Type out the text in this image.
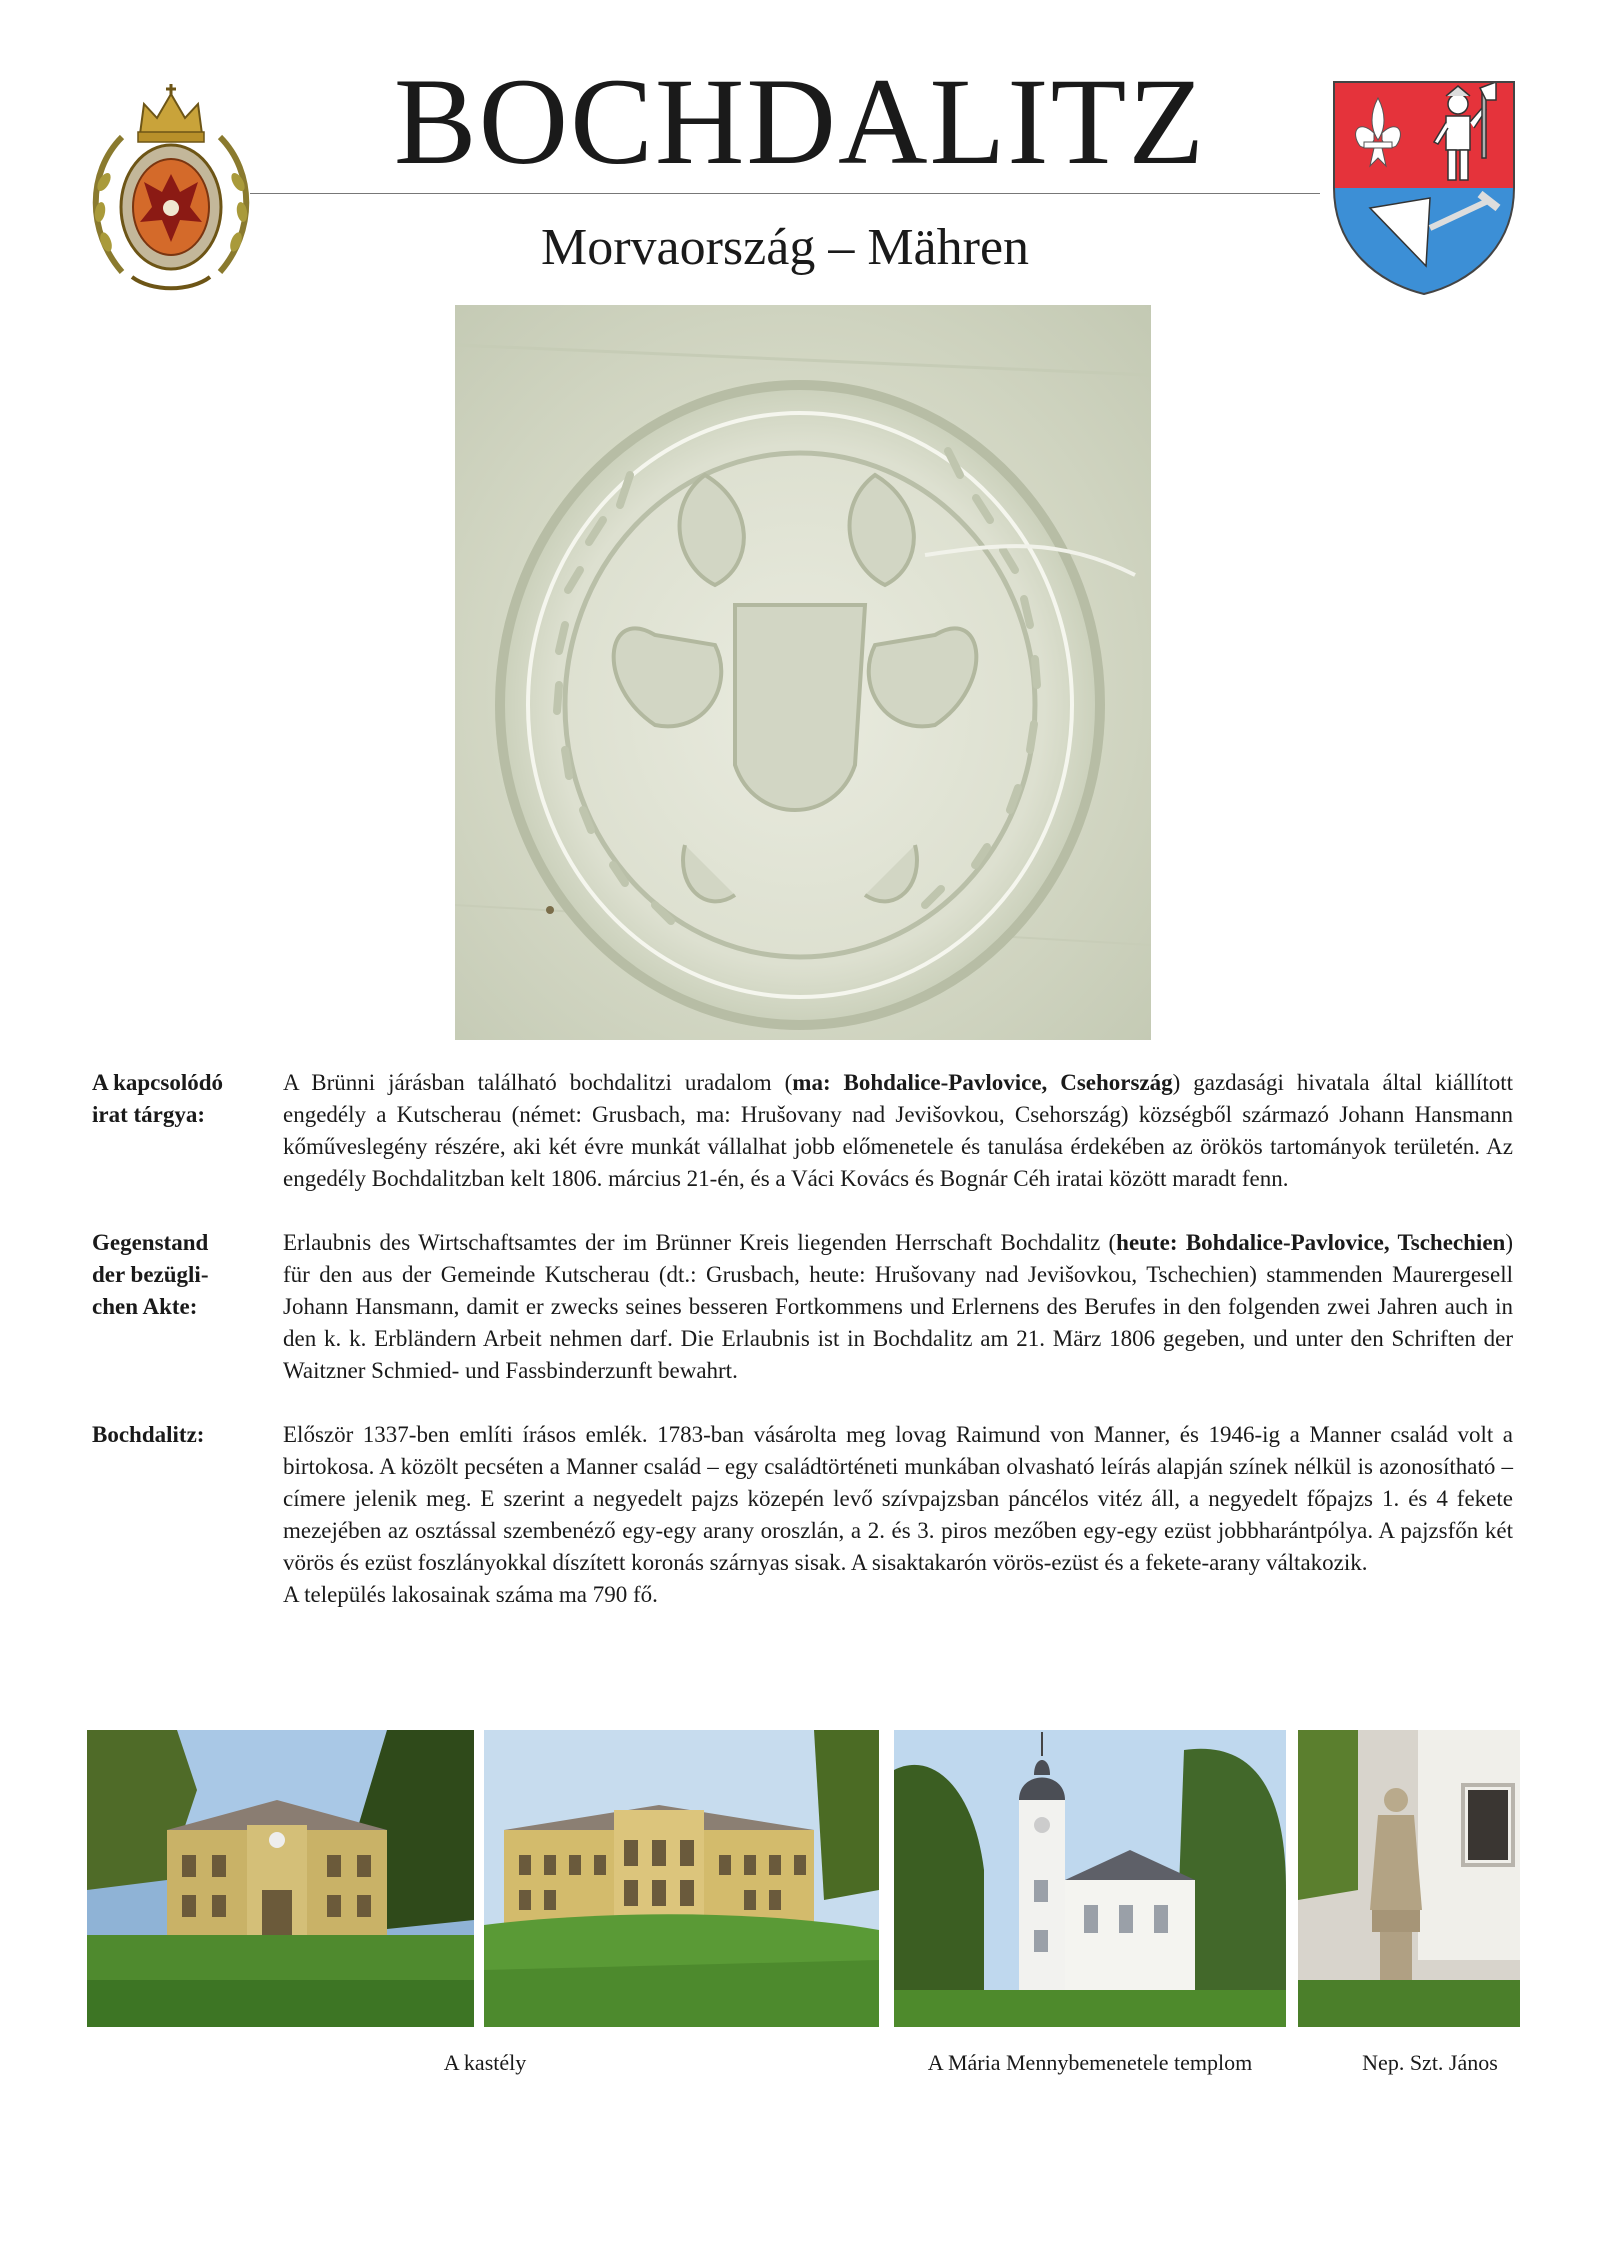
BOCHDALITZ
Morvaország – Mähren
A kapcsolódó
irat tárgya:
A Brünni járásban található bochdalitzi uradalom (ma: Bohdalice-Pavlovice, Csehország) gazdasági hivatala által kiállított engedély a Kutscherau (német: Grusbach, ma: Hrušovany nad Jevišovkou, Csehország) községből származó Johann Hansmann kőműveslegény részére, aki két évre munkát vállalhat jobb előmenetele és tanulása érdekében az örökös tartományok területén. Az engedély Bochdalitzban kelt 1806. március 21-én, és a Váci Kovács és Bognár Céh iratai között maradt fenn.
Gegenstand
der bezügli-
chen Akte:
Erlaubnis des Wirtschaftsamtes der im Brünner Kreis liegenden Herrschaft Bochdalitz (heute: Bohdalice-Pavlovice, Tschechien) für den aus der Gemeinde Kutscherau (dt.: Grusbach, heute: Hrušovany nad Jevišovkou, Tschechien) stammenden Maurergesell Johann Hansmann, damit er zwecks seines besseren Fortkommens und Erlernens des Berufes in den folgenden zwei Jahren auch in den k. k. Erbländern Arbeit nehmen darf. Die Erlaubnis ist in Bochdalitz am 21. März 1806 gegeben, und unter den Schriften der Waitzner Schmied- und Fassbinderzunft bewahrt.
Bochdalitz:	Először 1337-ben említi írásos emlék. 1783-ban vásárolta meg lovag Raimund von Manner, és 1946-ig a Manner család volt a birtokosa. A közölt pecséten a Manner család – egy családtörténeti munkában olvasható leírás alapján színek nélkül is azonosítható – címere jelenik meg. E szerint a negyedelt pajzs közepén levő szívpajzsban páncélos vitéz áll, a negyedelt főpajzs 1. és 4 fekete mezejében az osztással szembenéző egy-egy arany oroszlán, a 2. és 3. piros mezőben egy-egy ezüst jobbharántpólya. A pajzsfőn két vörös és ezüst foszlányokkal díszített koronás szárnyas sisak. A sisaktakarón vörös-ezüst és a fekete-arany váltakozik.
A település lakosainak száma ma 790 fő.
A kastély	A Mária Mennybemenetele templom	Nep. Szt. János
